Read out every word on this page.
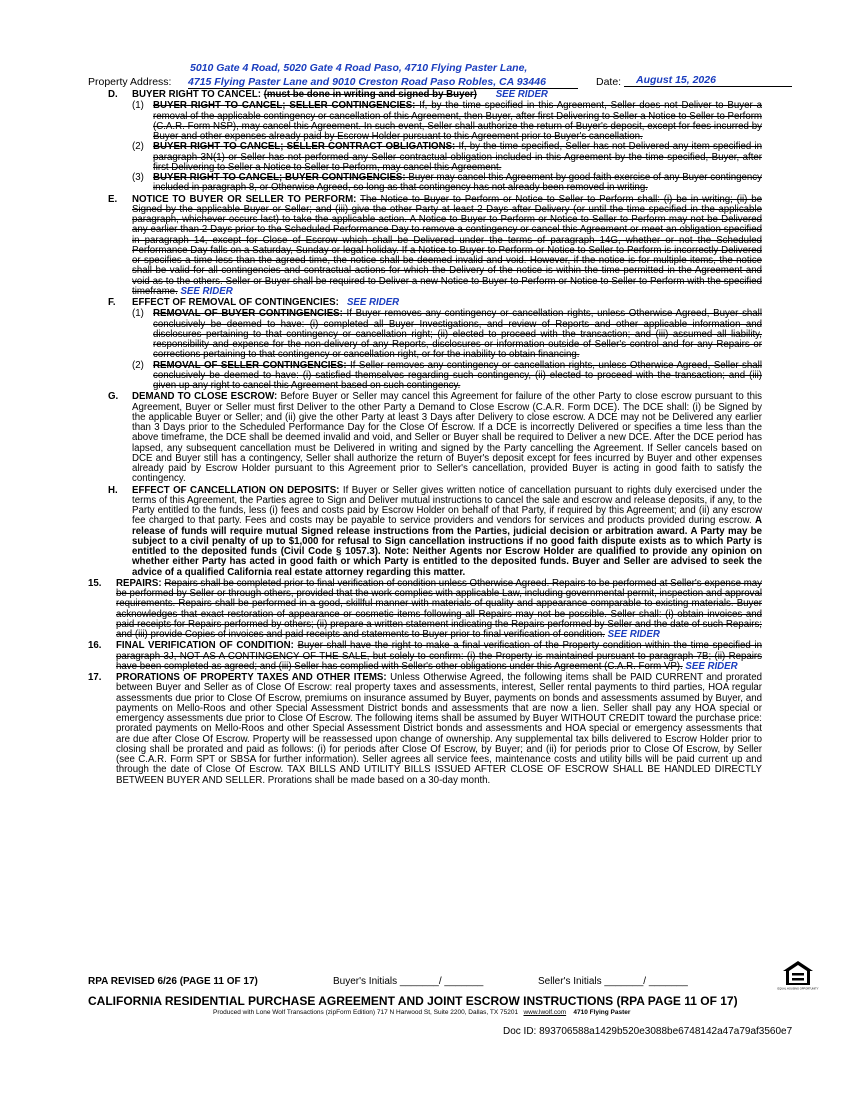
Property Address:
5010 Gate 4 Road, 5020 Gate 4 Road Paso, 4710 Flying Paster Lane,
4715 Flying Paster Lane and 9010 Creston Road Paso Robles, CA 93446	Date:	August 15, 2026
D. BUYER RIGHT TO CANCEL: (must be done in writing and signed by Buyer) SEE RIDER
(1) BUYER RIGHT TO CANCEL; SELLER CONTINGENCIES: If, by the time specified in this Agreement, Seller does not Deliver to Buyer a removal of the applicable contingency or cancellation of this Agreement, then Buyer, after first Delivering to Seller a Notice to Seller to Perform (C.A.R. Form NSP), may cancel this Agreement. In such event, Seller shall authorize the return of Buyer's deposit, except for fees incurred by Buyer and other expenses already paid by Escrow Holder pursuant to this Agreement prior to Buyer's cancellation.
(2) BUYER RIGHT TO CANCEL; SELLER CONTRACT OBLIGATIONS: If, by the time specified, Seller has not Delivered any item specified in paragraph 3N(1) or Seller has not performed any Seller contractual obligation included in this Agreement by the time specified, Buyer, after first Delivering to Seller a Notice to Seller to Perform, may cancel this Agreement.
(3) BUYER RIGHT TO CANCEL; BUYER CONTINGENCIES: Buyer may cancel this Agreement by good faith exercise of any Buyer contingency included in paragraph 8, or Otherwise Agreed, so long as that contingency has not already been removed in writing.
E. NOTICE TO BUYER OR SELLER TO PERFORM: The Notice to Buyer to Perform or Notice to Seller to Perform shall: (i) be in writing; (ii) be Signed by the applicable Buyer or Seller; and (iii) give the other Party at least 2 Days after Delivery (or until the time specified in the applicable paragraph, whichever occurs last) to take the applicable action. A Notice to Buyer to Perform or Notice to Seller to Perform may not be Delivered any earlier than 2 Days prior to the Scheduled Performance Day to remove a contingency or cancel this Agreement or meet an obligation specified in paragraph 14, except for Close of Escrow which shall be Delivered under the terms of paragraph 14G, whether or not the Scheduled Performance Day falls on a Saturday, Sunday or legal holiday. If a Notice to Buyer to Perform or Notice to Seller to Perform is incorrectly Delivered or specifies a time less than the agreed time, the notice shall be deemed invalid and void. However, if the notice is for multiple items, the notice shall be valid for all contingencies and contractual actions for which the Delivery of the notice is within the time permitted in the Agreement and void as to the others. Seller or Buyer shall be required to Deliver a new Notice to Buyer to Perform or Notice to Seller to Perform with the specified timeframe. SEE RIDER
F. EFFECT OF REMOVAL OF CONTINGENCIES: SEE RIDER
(1) REMOVAL OF BUYER CONTINGENCIES: If Buyer removes any contingency or cancellation rights, unless Otherwise Agreed, Buyer shall conclusively be deemed to have: (i) completed all Buyer Investigations, and review of Reports and other applicable information and disclosures pertaining to that contingency or cancellation right; (ii) elected to proceed with the transaction; and (iii) assumed all liability, responsibility and expense for the non-delivery of any Reports, disclosures or information outside of Seller's control and for any Repairs or corrections pertaining to that contingency or cancellation right, or for the inability to obtain financing.
(2) REMOVAL OF SELLER CONTINGENCIES: If Seller removes any contingency or cancellation rights, unless Otherwise Agreed, Seller shall conclusively be deemed to have: (i) satisfied themselves regarding such contingency, (ii) elected to proceed with the transaction; and (iii) given up any right to cancel this Agreement based on such contingency.
G. DEMAND TO CLOSE ESCROW: Before Buyer or Seller may cancel this Agreement for failure of the other Party to close escrow pursuant to this Agreement, Buyer or Seller must first Deliver to the other Party a Demand to Close Escrow (C.A.R. Form DCE). The DCE shall: (i) be Signed by the applicable Buyer or Seller; and (ii) give the other Party at least 3 Days after Delivery to close escrow. A DCE may not be Delivered any earlier than 3 Days prior to the Scheduled Performance Day for the Close Of Escrow. If a DCE is incorrectly Delivered or specifies a time less than the above timeframe, the DCE shall be deemed invalid and void, and Seller or Buyer shall be required to Deliver a new DCE. After the DCE period has lapsed, any subsequent cancellation must be Delivered in writing and signed by the Party cancelling the Agreement. If Seller cancels based on DCE and Buyer still has a contingency, Seller shall authorize the return of Buyer's deposit except for fees incurred by Buyer and other expenses already paid by Escrow Holder pursuant to this Agreement prior to Seller's cancellation, provided Buyer is acting in good faith to satisfy the contingency.
H. EFFECT OF CANCELLATION ON DEPOSITS: If Buyer or Seller gives written notice of cancellation pursuant to rights duly exercised under the terms of this Agreement, the Parties agree to Sign and Deliver mutual instructions to cancel the sale and escrow and release deposits, if any, to the Party entitled to the funds, less (i) fees and costs paid by Escrow Holder on behalf of that Party, if required by this Agreement; and (ii) any escrow fee charged to that party. Fees and costs may be payable to service providers and vendors for services and products provided during escrow. A release of funds will require mutual Signed release instructions from the Parties, judicial decision or arbitration award. A Party may be subject to a civil penalty of up to $1,000 for refusal to Sign cancellation instructions if no good faith dispute exists as to which Party is entitled to the deposited funds (Civil Code § 1057.3). Note: Neither Agents nor Escrow Holder are qualified to provide any opinion on whether either Party has acted in good faith or which Party is entitled to the deposited funds. Buyer and Seller are advised to seek the advice of a qualified California real estate attorney regarding this matter.
15. REPAIRS: Repairs shall be completed prior to final verification of condition unless Otherwise Agreed. Repairs to be performed at Seller's expense may be performed by Seller or through others, provided that the work complies with applicable Law, including governmental permit, inspection and approval requirements. Repairs shall be performed in a good, skillful manner with materials of quality and appearance comparable to existing materials. Buyer acknowledges that exact restoration of appearance or cosmetic items following all Repairs may not be possible. Seller shall: (i) obtain invoices and paid receipts for Repairs performed by others; (ii) prepare a written statement indicating the Repairs performed by Seller and the date of such Repairs; and (iii) provide Copies of invoices and paid receipts and statements to Buyer prior to final verification of condition. SEE RIDER
16. FINAL VERIFICATION OF CONDITION: Buyer shall have the right to make a final verification of the Property condition within the time specified in paragraph 3J, NOT AS A CONTINGENCY OF THE SALE, but solely to confirm: (i) the Property is maintained pursuant to paragraph 7B; (ii) Repairs have been completed as agreed; and (iii) Seller has complied with Seller's other obligations under this Agreement (C.A.R. Form VP). SEE RIDER
17. PRORATIONS OF PROPERTY TAXES AND OTHER ITEMS: Unless Otherwise Agreed, the following items shall be PAID CURRENT and prorated between Buyer and Seller as of Close Of Escrow: real property taxes and assessments, interest, Seller rental payments to third parties, HOA regular assessments due prior to Close Of Escrow, premiums on insurance assumed by Buyer, payments on bonds and assessments assumed by Buyer, and payments on Mello-Roos and other Special Assessment District bonds and assessments that are now a lien. Seller shall pay any HOA special or emergency assessments due prior to Close Of Escrow. The following items shall be assumed by Buyer WITHOUT CREDIT toward the purchase price: prorated payments on Mello-Roos and other Special Assessment District bonds and assessments and HOA special or emergency assessments that are due after Close Of Escrow. Property will be reassessed upon change of ownership. Any supplemental tax bills delivered to Escrow Holder prior to closing shall be prorated and paid as follows: (i) for periods after Close Of Escrow, by Buyer; and (ii) for periods prior to Close Of Escrow, by Seller (see C.A.R. Form SPT or SBSA for further information). Seller agrees all service fees, maintenance costs and utility bills will be paid current up and through the date of Close Of Escrow. TAX BILLS AND UTILITY BILLS ISSUED AFTER CLOSE OF ESCROW SHALL BE HANDLED DIRECTLY BETWEEN BUYER AND SELLER. Prorations shall be made based on a 30-day month.
EQUAL HOUSING OPPORTUNITY
RPA REVISED 6/26 (PAGE 11 OF 17)	Buyer's Initials _______/ _______	Seller's Initials _______/ _______
CALIFORNIA RESIDENTIAL PURCHASE AGREEMENT AND JOINT ESCROW INSTRUCTIONS (RPA PAGE 11 OF 17)
Produced with Lone Wolf Transactions (zipForm Edition) 717 N Harwood St, Suite 2200, Dallas, TX 75201 www.lwolf.com 4710 Flying Paster
Doc ID: 893706588a1429b520e3088be6748142a47a79af3560e7
